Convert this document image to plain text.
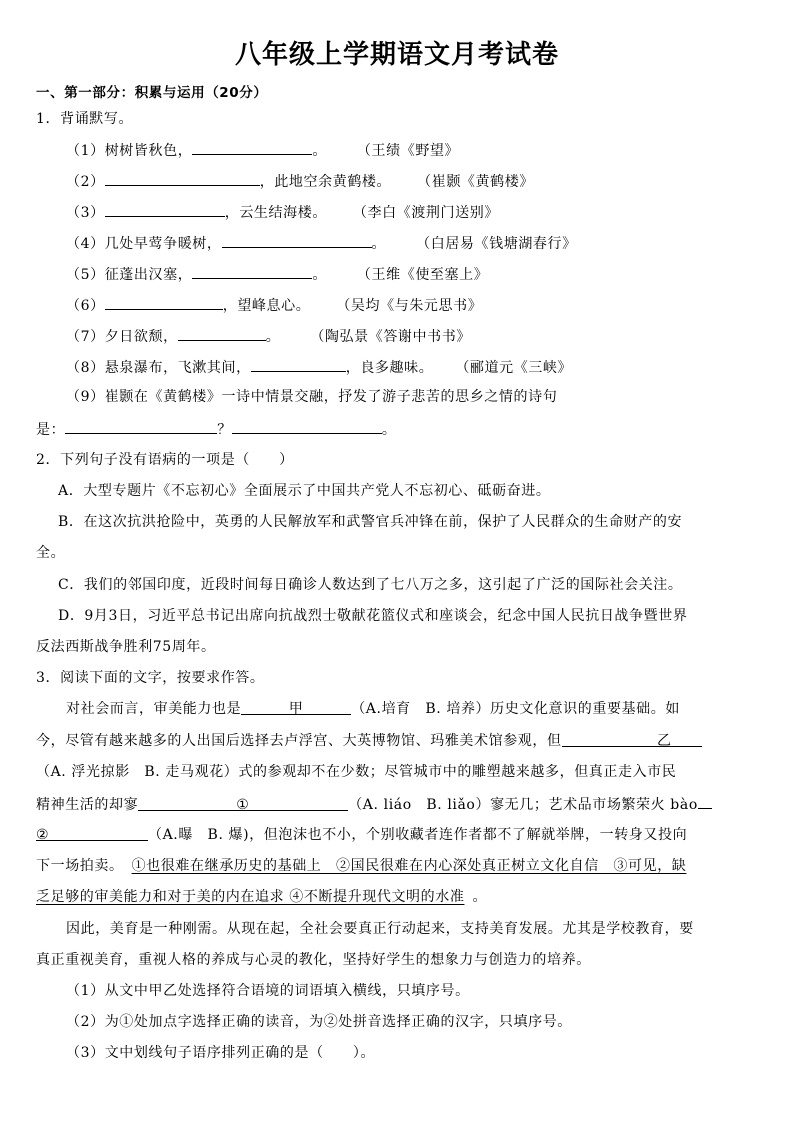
八年级上学期语文月考试卷
一、第一部分：积累与运用（20分）
1．背诵默写。
（1）树树皆秋色，	。 （王绩《野望》
（2）	，此地空余黄鹤楼。 （崔颢《黄鹤楼》
（3）	，云生结海楼。 （李白《渡荆门送别》
（4）几处早莺争暖树，	。 （白居易《钱塘湖春行》
（5）征蓬出汉塞，	。 （王维《使至塞上》
（6）	，望峰息心。 （吴均《与朱元思书》
（7）夕日欲颓，	。 （陶弘景《答谢中书书》
（8）悬泉瀑布，飞漱其间，	，良多趣味。 （郦道元《三峡》
（9）崔颢在《黄鹤楼》一诗中情景交融，抒发了游子悲苦的思乡之情的诗句
是：	？	。
2．下列句子没有语病的一项是（　　）
A．大型专题片《不忘初心》全面展示了中国共产党人不忘初心、砥砺奋进。
B．在这次抗洪抢险中，英勇的人民解放军和武警官兵冲锋在前，保护了人民群众的生命财产的安
全。
C．我们的邻国印度，近段时间每日确诊人数达到了七八万之多，这引起了广泛的国际社会关注。
D．9月3日，习近平总书记出席向抗战烈士敬献花篮仪式和座谈会，纪念中国人民抗日战争暨世界
反法西斯战争胜利75周年。
3．阅读下面的文字，按要求作答。
对社会而言，审美能力也是	甲	（A.培育　B. 培养）历史文化意识的重要基础。如
今，尽管有越来越多的人出国后选择去卢浮宫、大英博物馆、玛雅美术馆参观，但	乙
（A. 浮光掠影　B. 走马观花）式的参观却不在少数；尽管城市中的雕塑越来越多，但真正走入市民
精神生活的却寥	①	（A. liáo　B. liǎo）寥无几；艺术品市场繁荣火 bào
②	（A.曝　B. 爆)，但泡沫也不小，个别收藏者连作者都不了解就举牌，一转身又投向
下一场拍卖。 ①也很难在继承历史的基础上　②国民很难在内心深处真正树立文化自信　③可见，缺
乏足够的审美能力和对于美的内在追求 ④不断提升现代文明的水准 。
因此，美育是一种刚需。从现在起，全社会要真正行动起来，支持美育发展。尤其是学校教育，要
真正重视美育，重视人格的养成与心灵的教化，坚持好学生的想象力与创造力的培养。
（1）从文中甲乙处选择符合语境的词语填入横线，只填序号。
（2）为①处加点字选择正确的读音，为②处拼音选择正确的汉字，只填序号。
（3）文中划线句子语序排列正确的是（　　）。
